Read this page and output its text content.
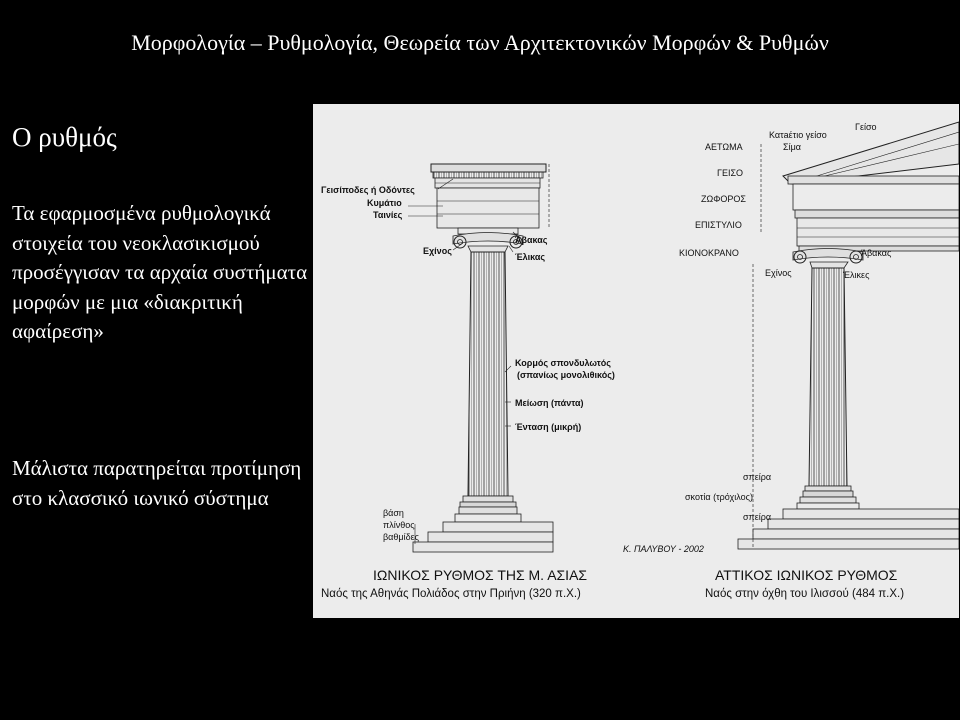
Μορφολογία – Ρυθμολογία, Θεωρεία των Αρχιτεκτονικών Μορφών & Ρυθμών
Ο ρυθμός
Τα εφαρμοσμένα ρυθμολογικά στοιχεία του νεοκλασικισμού προσέγγισαν τα αρχαία συστήματα μορφών με μια «διακριτική αφαίρεση»
Μάλιστα παρατηρείται προτίμηση στο κλασσικό ιωνικό σύστημα
Γεισίποδες ή Οδόντες
Κυμάτιο
Ταινίες
Εχίνος
Άβακας
Έλικας
Κορμός σπονδυλωτός
(σπανίως μονολιθικός)
Μείωση (πάντα)
Ένταση (μικρή)
βάση
πλίνθος
βαθμίδες
Κατaέτιο γείσο
Σίμα
Γείσο
ΑΕΤΩΜΑ
ΓΕΙΣΟ
ΖΩΦΟΡΟΣ
ΕΠΙΣΤΥΛΙΟ
ΚΙΟΝΟΚΡΑΝΟ
Εχίνος
Άβακας
Έλικες
σπείρα
σκοτία (τρόχιλος)
σπείρα
Κ. ΠΑΛΥΒΟΥ - 2002
ΙΩΝΙΚΟΣ ΡΥΘΜΟΣ ΤΗΣ Μ. ΑΣΙΑΣ
Ναός της Αθηνάς Πολιάδος στην Πριήνη (320 π.Χ.)
ΑΤΤΙΚΟΣ ΙΩΝΙΚΟΣ ΡΥΘΜΟΣ
Ναός στην όχθη του Ιλισσού (484 π.Χ.)
